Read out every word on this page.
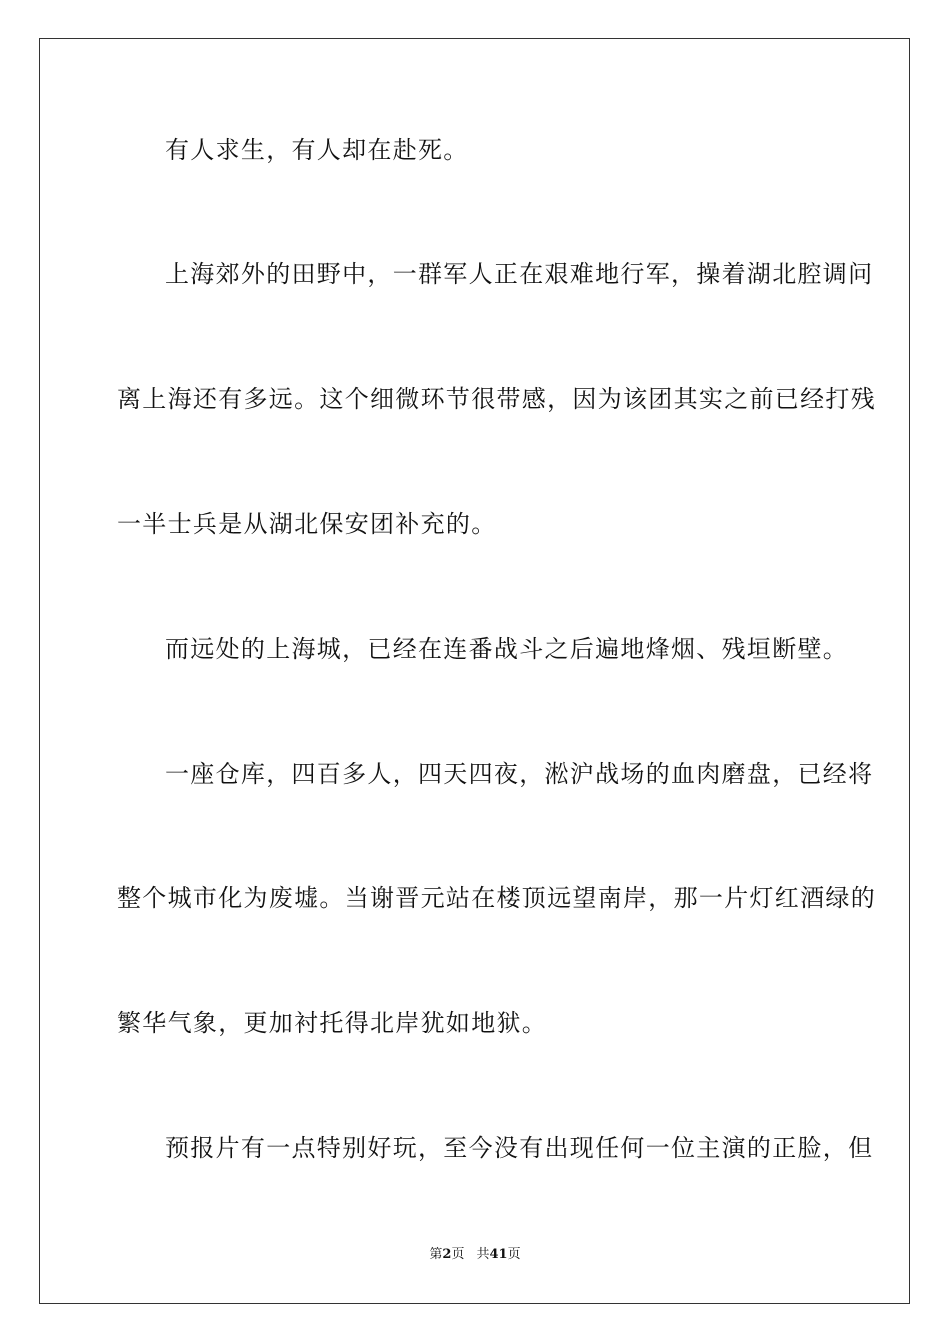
有人求生，有人却在赴死。
上海郊外的田野中，一群军人正在艰难地行军，操着湖北腔调问
离上海还有多远。这个细微环节很带感，因为该团其实之前已经打残
一半士兵是从湖北保安团补充的。
而远处的上海城，已经在连番战斗之后遍地烽烟、残垣断壁。
一座仓库，四百多人，四天四夜，淞沪战场的血肉磨盘，已经将
整个城市化为废墟。当谢晋元站在楼顶远望南岸，那一片灯红酒绿的
繁华气象，更加衬托得北岸犹如地狱。
预报片有一点特别好玩，至今没有出现任何一位主演的正脸，但
第2页 共41页
